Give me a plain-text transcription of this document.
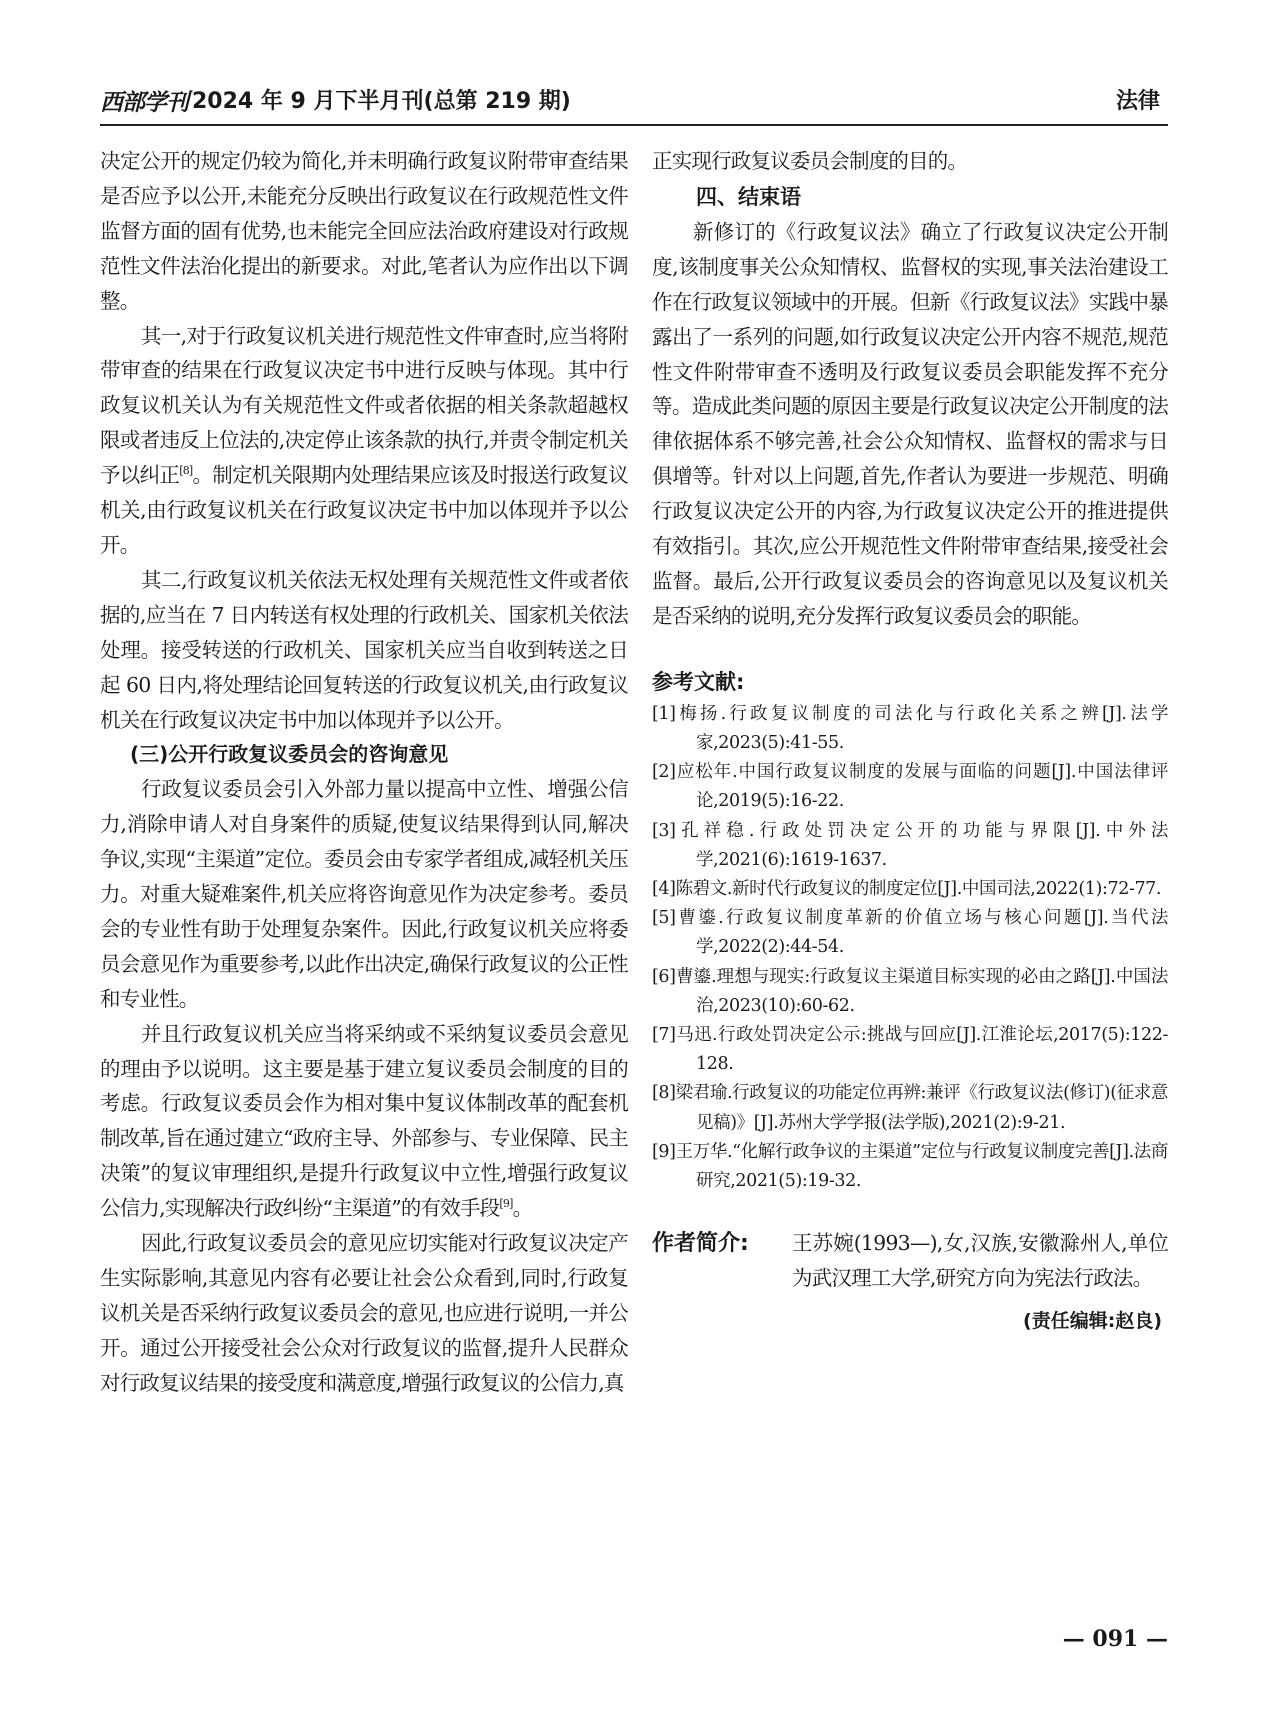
西部学刊 2024 年 9 月下半月刊(总第 219 期)	法律

决定公开的规定仍较为简化,并未明确行政复议附带审查结果是否应予以公开,未能充分反映出行政复议在行政规范性文件监督方面的固有优势,也未能完全回应法治政府建设对行政规范性文件法治化提出的新要求。对此,笔者认为应作出以下调整。

其一,对于行政复议机关进行规范性文件审查时,应当将附带审查的结果在行政复议决定书中进行反映与体现。其中行政复议机关认为有关规范性文件或者依据的相关条款超越权限或者违反上位法的,决定停止该条款的执行,并责令制定机关予以纠正[8]。制定机关限期内处理结果应该及时报送行政复议机关,由行政复议机关在行政复议决定书中加以体现并予以公开。

其二,行政复议机关依法无权处理有关规范性文件或者依据的,应当在 7 日内转送有权处理的行政机关、国家机关依法处理。接受转送的行政机关、国家机关应当自收到转送之日起 60 日内,将处理结论回复转送的行政复议机关,由行政复议机关在行政复议决定书中加以体现并予以公开。

(三)公开行政复议委员会的咨询意见

行政复议委员会引入外部力量以提高中立性、增强公信力,消除申请人对自身案件的质疑,使复议结果得到认同,解决争议,实现“主渠道”定位。委员会由专家学者组成,减轻机关压力。对重大疑难案件,机关应将咨询意见作为决定参考。委员会的专业性有助于处理复杂案件。因此,行政复议机关应将委员会意见作为重要参考,以此作出决定,确保行政复议的公正性和专业性。

并且行政复议机关应当将采纳或不采纳复议委员会意见的理由予以说明。这主要是基于建立复议委员会制度的目的考虑。行政复议委员会作为相对集中复议体制改革的配套机制改革,旨在通过建立“政府主导、外部参与、专业保障、民主决策”的复议审理组织,是提升行政复议中立性,增强行政复议公信力,实现解决行政纠纷“主渠道”的有效手段[9]。

因此,行政复议委员会的意见应切实能对行政复议决定产生实际影响,其意见内容有必要让社会公众看到,同时,行政复议机关是否采纳行政复议委员会的意见,也应进行说明,一并公开。通过公开接受社会公众对行政复议的监督,提升人民群众对行政复议结果的接受度和满意度,增强行政复议的公信力,真

正实现行政复议委员会制度的目的。

四、结束语

新修订的《行政复议法》确立了行政复议决定公开制度,该制度事关公众知情权、监督权的实现,事关法治建设工作在行政复议领域中的开展。但新《行政复议法》实践中暴露出了一系列的问题,如行政复议决定公开内容不规范,规范性文件附带审查不透明及行政复议委员会职能发挥不充分等。造成此类问题的原因主要是行政复议决定公开制度的法律依据体系不够完善,社会公众知情权、监督权的需求与日俱增等。针对以上问题,首先,作者认为要进一步规范、明确行政复议决定公开的内容,为行政复议决定公开的推进提供有效指引。其次,应公开规范性文件附带审查结果,接受社会监督。最后,公开行政复议委员会的咨询意见以及复议机关是否采纳的说明,充分发挥行政复议委员会的职能。

参考文献:
[1]梅扬.行政复议制度的司法化与行政化关系之辨[J].法学家,2023(5):41-55.
[2]应松年.中国行政复议制度的发展与面临的问题[J].中国法律评论,2019(5):16-22.
[3]孔祥稳.行政处罚决定公开的功能与界限[J].中外法学,2021(6):1619-1637.
[4]陈碧文.新时代行政复议的制度定位[J].中国司法,2022(1):72-77.
[5]曹鎏.行政复议制度革新的价值立场与核心问题[J].当代法学,2022(2):44-54.
[6]曹鎏.理想与现实:行政复议主渠道目标实现的必由之路[J].中国法治,2023(10):60-62.
[7]马迅.行政处罚决定公示:挑战与回应[J].江淮论坛,2017(5):122-128.
[8]梁君瑜.行政复议的功能定位再辨:兼评《行政复议法(修订)(征求意见稿)》[J].苏州大学学报(法学版),2021(2):9-21.
[9]王万华.“化解行政争议的主渠道”定位与行政复议制度完善[J].法商研究,2021(5):19-32.
作者简介: 王苏婉(1993—),女,汉族,安徽滁州人,单位为武汉理工大学,研究方向为宪法行政法。
(责任编辑:赵良)
— 091 —
